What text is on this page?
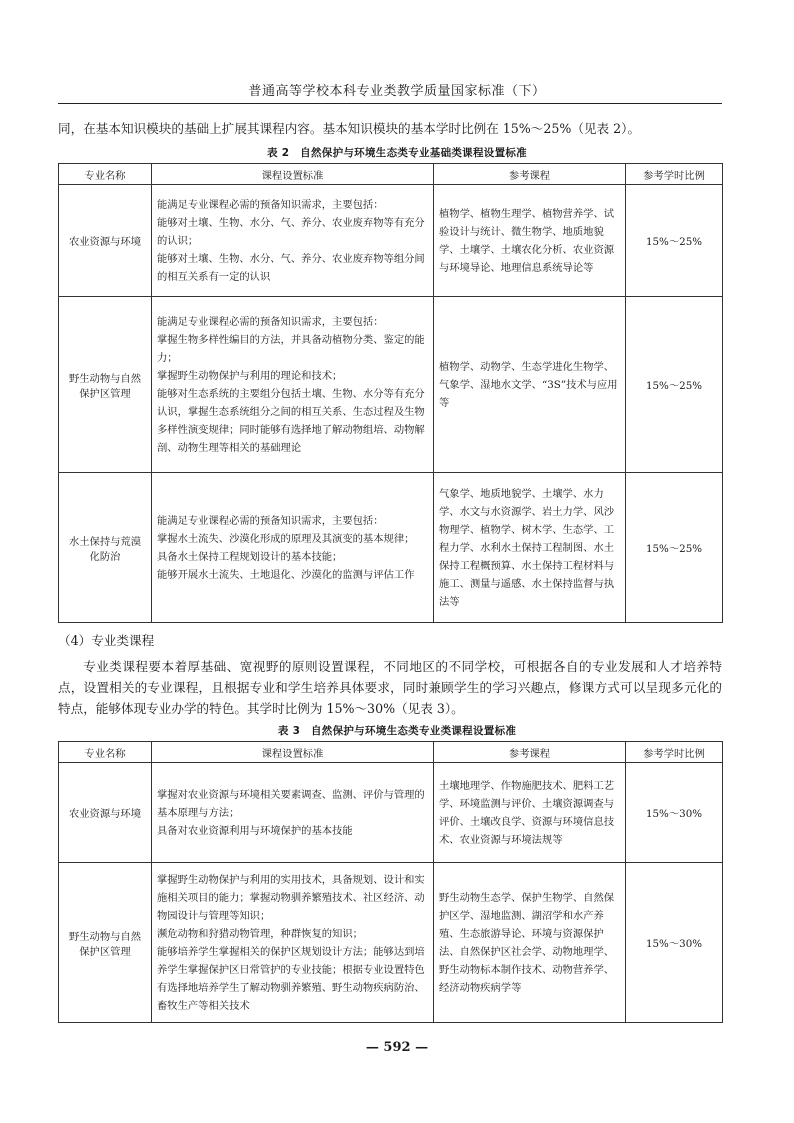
普通高等学校本科专业类教学质量国家标准（下）

同，在基本知识模块的基础上扩展其课程内容。基本知识模块的基本学时比例在 15%～25%（见表 2）。

表 2　自然保护与环境生态类专业基础类课程设置标准
专业名称	课程设置标准	参考课程	参考学时比例
农业资源与环境	能满足专业课程必需的预备知识需求，主要包括：
能够对土壤、生物、水分、气、养分、农业废弃物等有充分的认识；
能够对土壤、生物、水分、气、养分、农业废弃物等组分间的相互关系有一定的认识	植物学、植物生理学、植物营养学、试验设计与统计、微生物学、地质地貌学、土壤学、土壤农化分析、农业资源与环境导论、地理信息系统导论等	15%～25%
野生动物与自然保护区管理	能满足专业课程必需的预备知识需求，主要包括：
掌握生物多样性编目的方法，并具备动植物分类、鉴定的能力；
掌握野生动物保护与利用的理论和技术；
能够对生态系统的主要组分包括土壤、生物、水分等有充分认识，掌握生态系统组分之间的相互关系、生态过程及生物多样性演变规律；同时能够有选择地了解动物组培、动物解剖、动物生理等相关的基础理论	植物学、动物学、生态学进化生物学、气象学、湿地水文学、“3S”技术与应用等	15%～25%
水土保持与荒漠化防治	能满足专业课程必需的预备知识需求，主要包括：
掌握水土流失、沙漠化形成的原理及其演变的基本规律；
具备水土保持工程规划设计的基本技能；
能够开展水土流失、土地退化、沙漠化的监测与评估工作	气象学、地质地貌学、土壤学、水力学、水文与水资源学、岩土力学、风沙物理学、植物学、树木学、生态学、工程力学、水利水土保持工程制图、水土保持工程概预算、水土保持工程材料与施工、测量与遥感、水土保持监督与执法等	15%～25%

（4）专业类课程

专业类课程要本着厚基础、宽视野的原则设置课程，不同地区的不同学校，可根据各自的专业发展和人才培养特点，设置相关的专业课程，且根据专业和学生培养具体要求，同时兼顾学生的学习兴趣点，修课方式可以呈现多元化的特点，能够体现专业办学的特色。其学时比例为 15%～30%（见表 3）。

表 3　自然保护与环境生态类专业类课程设置标准
专业名称	课程设置标准	参考课程	参考学时比例
农业资源与环境	掌握对农业资源与环境相关要素调查、监测、评价与管理的基本原理与方法；
具备对农业资源利用与环境保护的基本技能	土壤地理学、作物施肥技术、肥料工艺学、环境监测与评价、土壤资源调查与评价、土壤改良学、资源与环境信息技术、农业资源与环境法规等	15%～30%
野生动物与自然保护区管理	掌握野生动物保护与利用的实用技术，具备规划、设计和实施相关项目的能力；掌握动物驯养繁殖技术、社区经济、动物园设计与管理等知识；
濒危动物和狩猎动物管理，种群恢复的知识；
能够培养学生掌握相关的保护区规划设计方法；能够达到培养学生掌握保护区日常管护的专业技能；根据专业设置特色有选择地培养学生了解动物驯养繁殖、野生动物疾病防治、畜牧生产等相关技术	野生动物生态学、保护生物学、自然保护区学、湿地监测、湖沼学和水产养殖、生态旅游导论、环境与资源保护法、自然保护区社会学、动物地理学、野生动物标本制作技术、动物营养学、经济动物疾病学等	15%～30%
— 592 —
